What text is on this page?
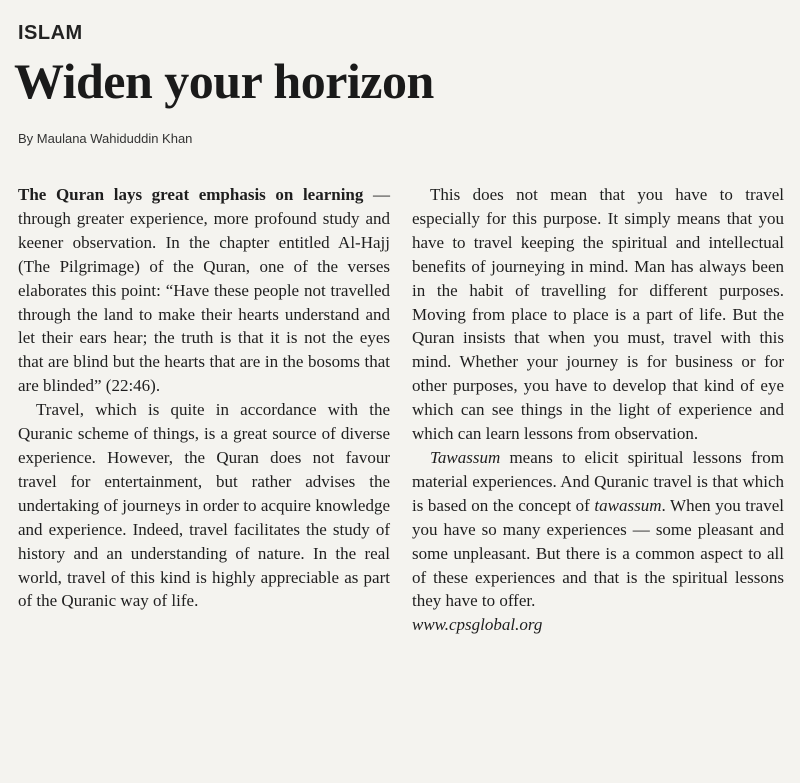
ISLAM
Widen your horizon
By Maulana Wahiduddin Khan

The Quran lays great emphasis on learning — through greater experience, more profound study and keener observation. In the chapter entitled Al-Hajj (The Pilgrimage) of the Quran, one of the verses elaborates this point: “Have these people not travelled through the land to make their hearts understand and let their ears hear; the truth is that it is not the eyes that are blind but the hearts that are in the bosoms that are blinded” (22:46).

Travel, which is quite in accordance with the Quranic scheme of things, is a great source of diverse experience. However, the Quran does not favour travel for entertainment, but rather advises the undertaking of journeys in order to acquire knowledge and experience. Indeed, travel facilitates the study of history and an understanding of nature. In the real world, travel of this kind is highly appreciable as part of the Quranic way of life.

This does not mean that you have to travel especially for this purpose. It simply means that you have to travel keeping the spiritual and intellectual benefits of journeying in mind. Man has always been in the habit of travelling for different purposes. Moving from place to place is a part of life. But the Quran insists that when you must, travel with this mind. Whether your journey is for business or for other purposes, you have to develop that kind of eye which can see things in the light of experience and which can learn lessons from observation.

Tawassum means to elicit spiritual lessons from material experiences. And Quranic travel is that which is based on the concept of tawassum. When you travel you have so many experiences — some pleasant and some unpleasant. But there is a common aspect to all of these experiences and that is the spiritual lessons they have to offer.

www.cpsglobal.org
